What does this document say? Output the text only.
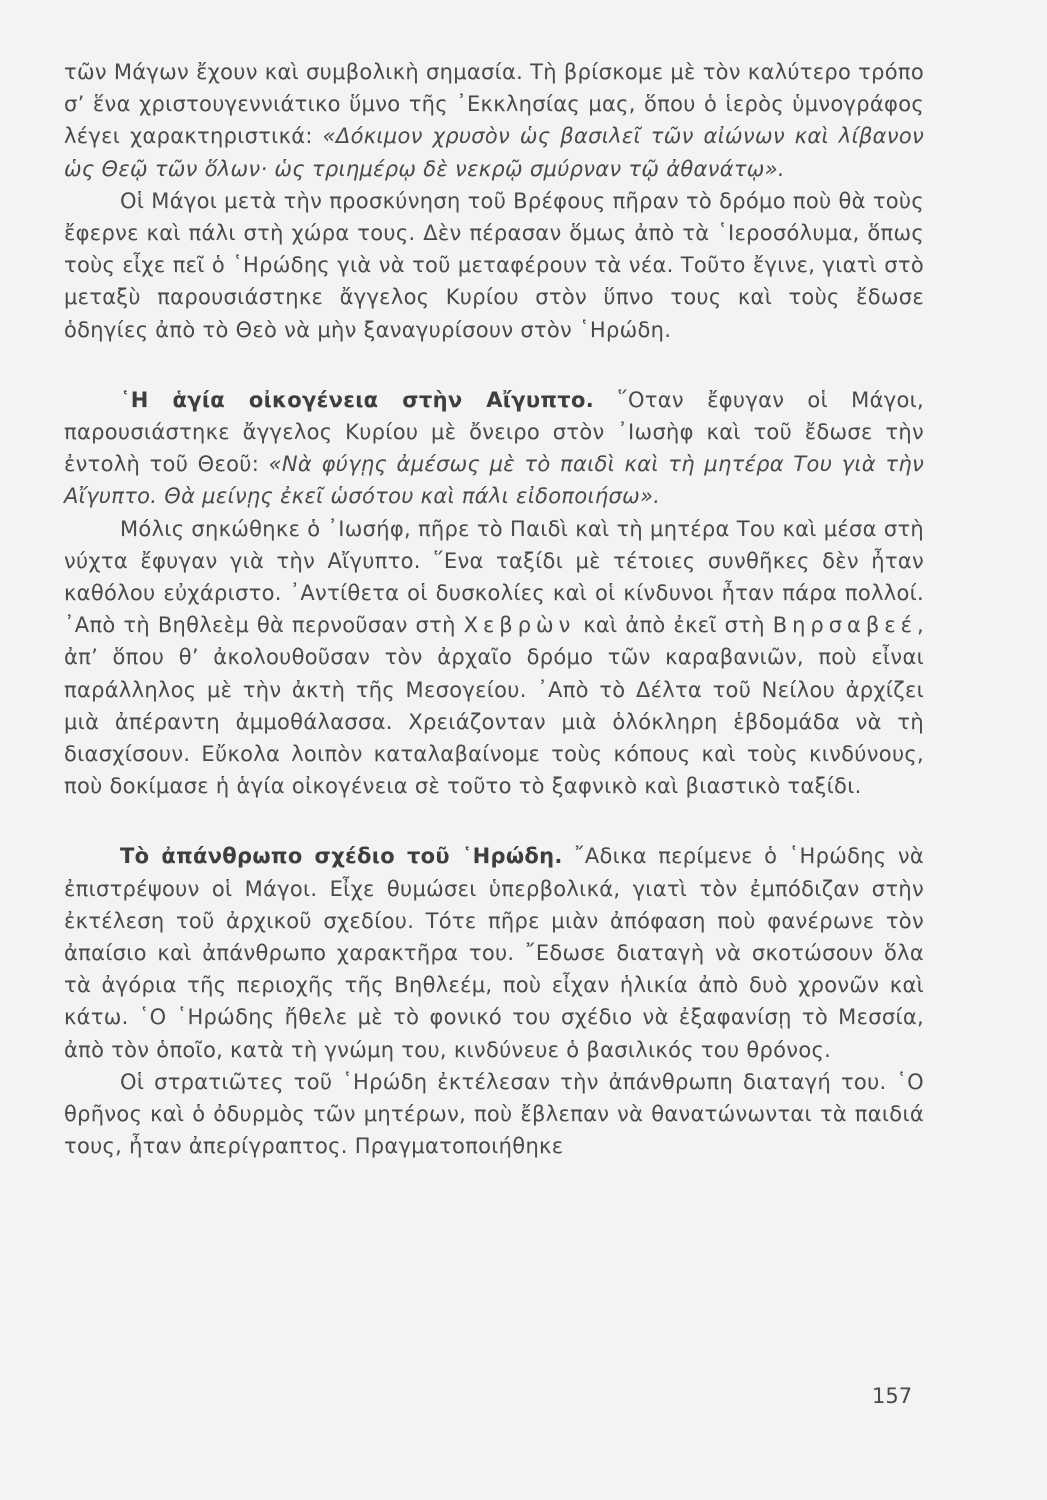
τῶν Μάγων ἔχουν καὶ συμβολικὴ σημασία. Τὴ βρίσκομε μὲ τὸν καλύτερο τρόπο σ’ ἕνα χριστουγεννιάτικο ὕμνο τῆς ᾿Εκκλησίας μας, ὅπου ὁ ἱερὸς ὑμνογράφος λέγει χαρακτηριστικά: «Δόκιμον χρυσὸν ὡς βασιλεῖ τῶν αἰώνων καὶ λίβανον ὡς Θεῷ τῶν ὅλων· ὡς τριημέρῳ δὲ νεκρῷ σμύρναν τῷ ἀθανάτῳ».

Οἱ Μάγοι μετὰ τὴν προσκύνηση τοῦ Βρέφους πῆραν τὸ δρόμο ποὺ θὰ τοὺς ἔφερνε καὶ πάλι στὴ χώρα τους. Δὲν πέρασαν ὅμως ἀπὸ τὰ ῾Ιεροσόλυμα, ὅπως τοὺς εἶχε πεῖ ὁ ῾Ηρώδης γιὰ νὰ τοῦ μεταφέρουν τὰ νέα. Τοῦτο ἔγινε, γιατὶ στὸ μεταξὺ παρουσιάστηκε ἄγγελος Κυρίου στὸν ὕπνο τους καὶ τοὺς ἔδωσε ὁδηγίες ἀπὸ τὸ Θεὸ νὰ μὴν ξαναγυρίσουν στὸν ῾Ηρώδη.

῾Η ἁγία οἰκογένεια στὴν Αἴγυπτο. ῞Οταν ἔφυγαν οἱ Μάγοι, παρουσιάστηκε ἄγγελος Κυρίου μὲ ὄνειρο στὸν ᾿Ιωσὴφ καὶ τοῦ ἔδωσε τὴν ἐντολὴ τοῦ Θεοῦ: «Νὰ φύγῃς ἀμέσως μὲ τὸ παιδὶ καὶ τὴ μητέρα Του γιὰ τὴν Αἴγυπτο. Θὰ μείνῃς ἐκεῖ ὡσότου καὶ πάλι εἰδοποιήσω».

Μόλις σηκώθηκε ὁ ᾿Ιωσήφ, πῆρε τὸ Παιδὶ καὶ τὴ μητέρα Του καὶ μέσα στὴ νύχτα ἔφυγαν γιὰ τὴν Αἴγυπτο. ῞Ενα ταξίδι μὲ τέτοιες συνθῆκες δὲν ἦταν καθόλου εὐχάριστο. ᾿Αντίθετα οἱ δυσκολίες καὶ οἱ κίνδυνοι ἦταν πάρα πολλοί. ᾿Απὸ τὴ Βηθλεὲμ θὰ περνοῦσαν στὴ Χεβρὼν καὶ ἀπὸ ἐκεῖ στὴ Βηρσαβεέ, ἀπ’ ὅπου θ’ ἀκολουθοῦσαν τὸν ἀρχαῖο δρόμο τῶν καραβανιῶν, ποὺ εἶναι παράλληλος μὲ τὴν ἀκτὴ τῆς Μεσογείου. ᾿Απὸ τὸ Δέλτα τοῦ Νείλου ἀρχίζει μιὰ ἀπέραντη ἀμμοθάλασσα. Χρειάζονταν μιὰ ὁλόκληρη ἑβδομάδα νὰ τὴ διασχίσουν. Εὔκολα λοιπὸν καταλαβαίνομε τοὺς κόπους καὶ τοὺς κινδύνους, ποὺ δοκίμασε ἡ ἁγία οἰκογένεια σὲ τοῦτο τὸ ξαφνικὸ καὶ βιαστικὸ ταξίδι.

Τὸ ἀπάνθρωπο σχέδιο τοῦ ῾Ηρώδη. ῎Αδικα περίμενε ὁ ῾Ηρώδης νὰ ἐπιστρέψουν οἱ Μάγοι. Εἶχε θυμώσει ὑπερβολικά, γιατὶ τὸν ἐμπόδιζαν στὴν ἐκτέλεση τοῦ ἀρχικοῦ σχεδίου. Τότε πῆρε μιὰν ἀπόφαση ποὺ φανέρωνε τὸν ἀπαίσιο καὶ ἀπάνθρωπο χαρακτῆρα του. ῎Εδωσε διαταγὴ νὰ σκοτώσουν ὅλα τὰ ἀγόρια τῆς περιοχῆς τῆς Βηθλεέμ, ποὺ εἶχαν ἡλικία ἀπὸ δυὸ χρονῶν καὶ κάτω. ῾Ο ῾Ηρώδης ἤθελε μὲ τὸ φονικό του σχέδιο νὰ ἐξαφανίσῃ τὸ Μεσσία, ἀπὸ τὸν ὁποῖο, κατὰ τὴ γνώμη του, κινδύνευε ὁ βασιλικός του θρόνος.

Οἱ στρατιῶτες τοῦ ῾Ηρώδη ἐκτέλεσαν τὴν ἀπάνθρωπη διαταγή του. ῾Ο θρῆνος καὶ ὁ ὀδυρμὸς τῶν μητέρων, ποὺ ἔβλεπαν νὰ θανατώνωνται τὰ παιδιά τους, ἦταν ἀπερίγραπτος. Πραγματοποιήθηκε

157
